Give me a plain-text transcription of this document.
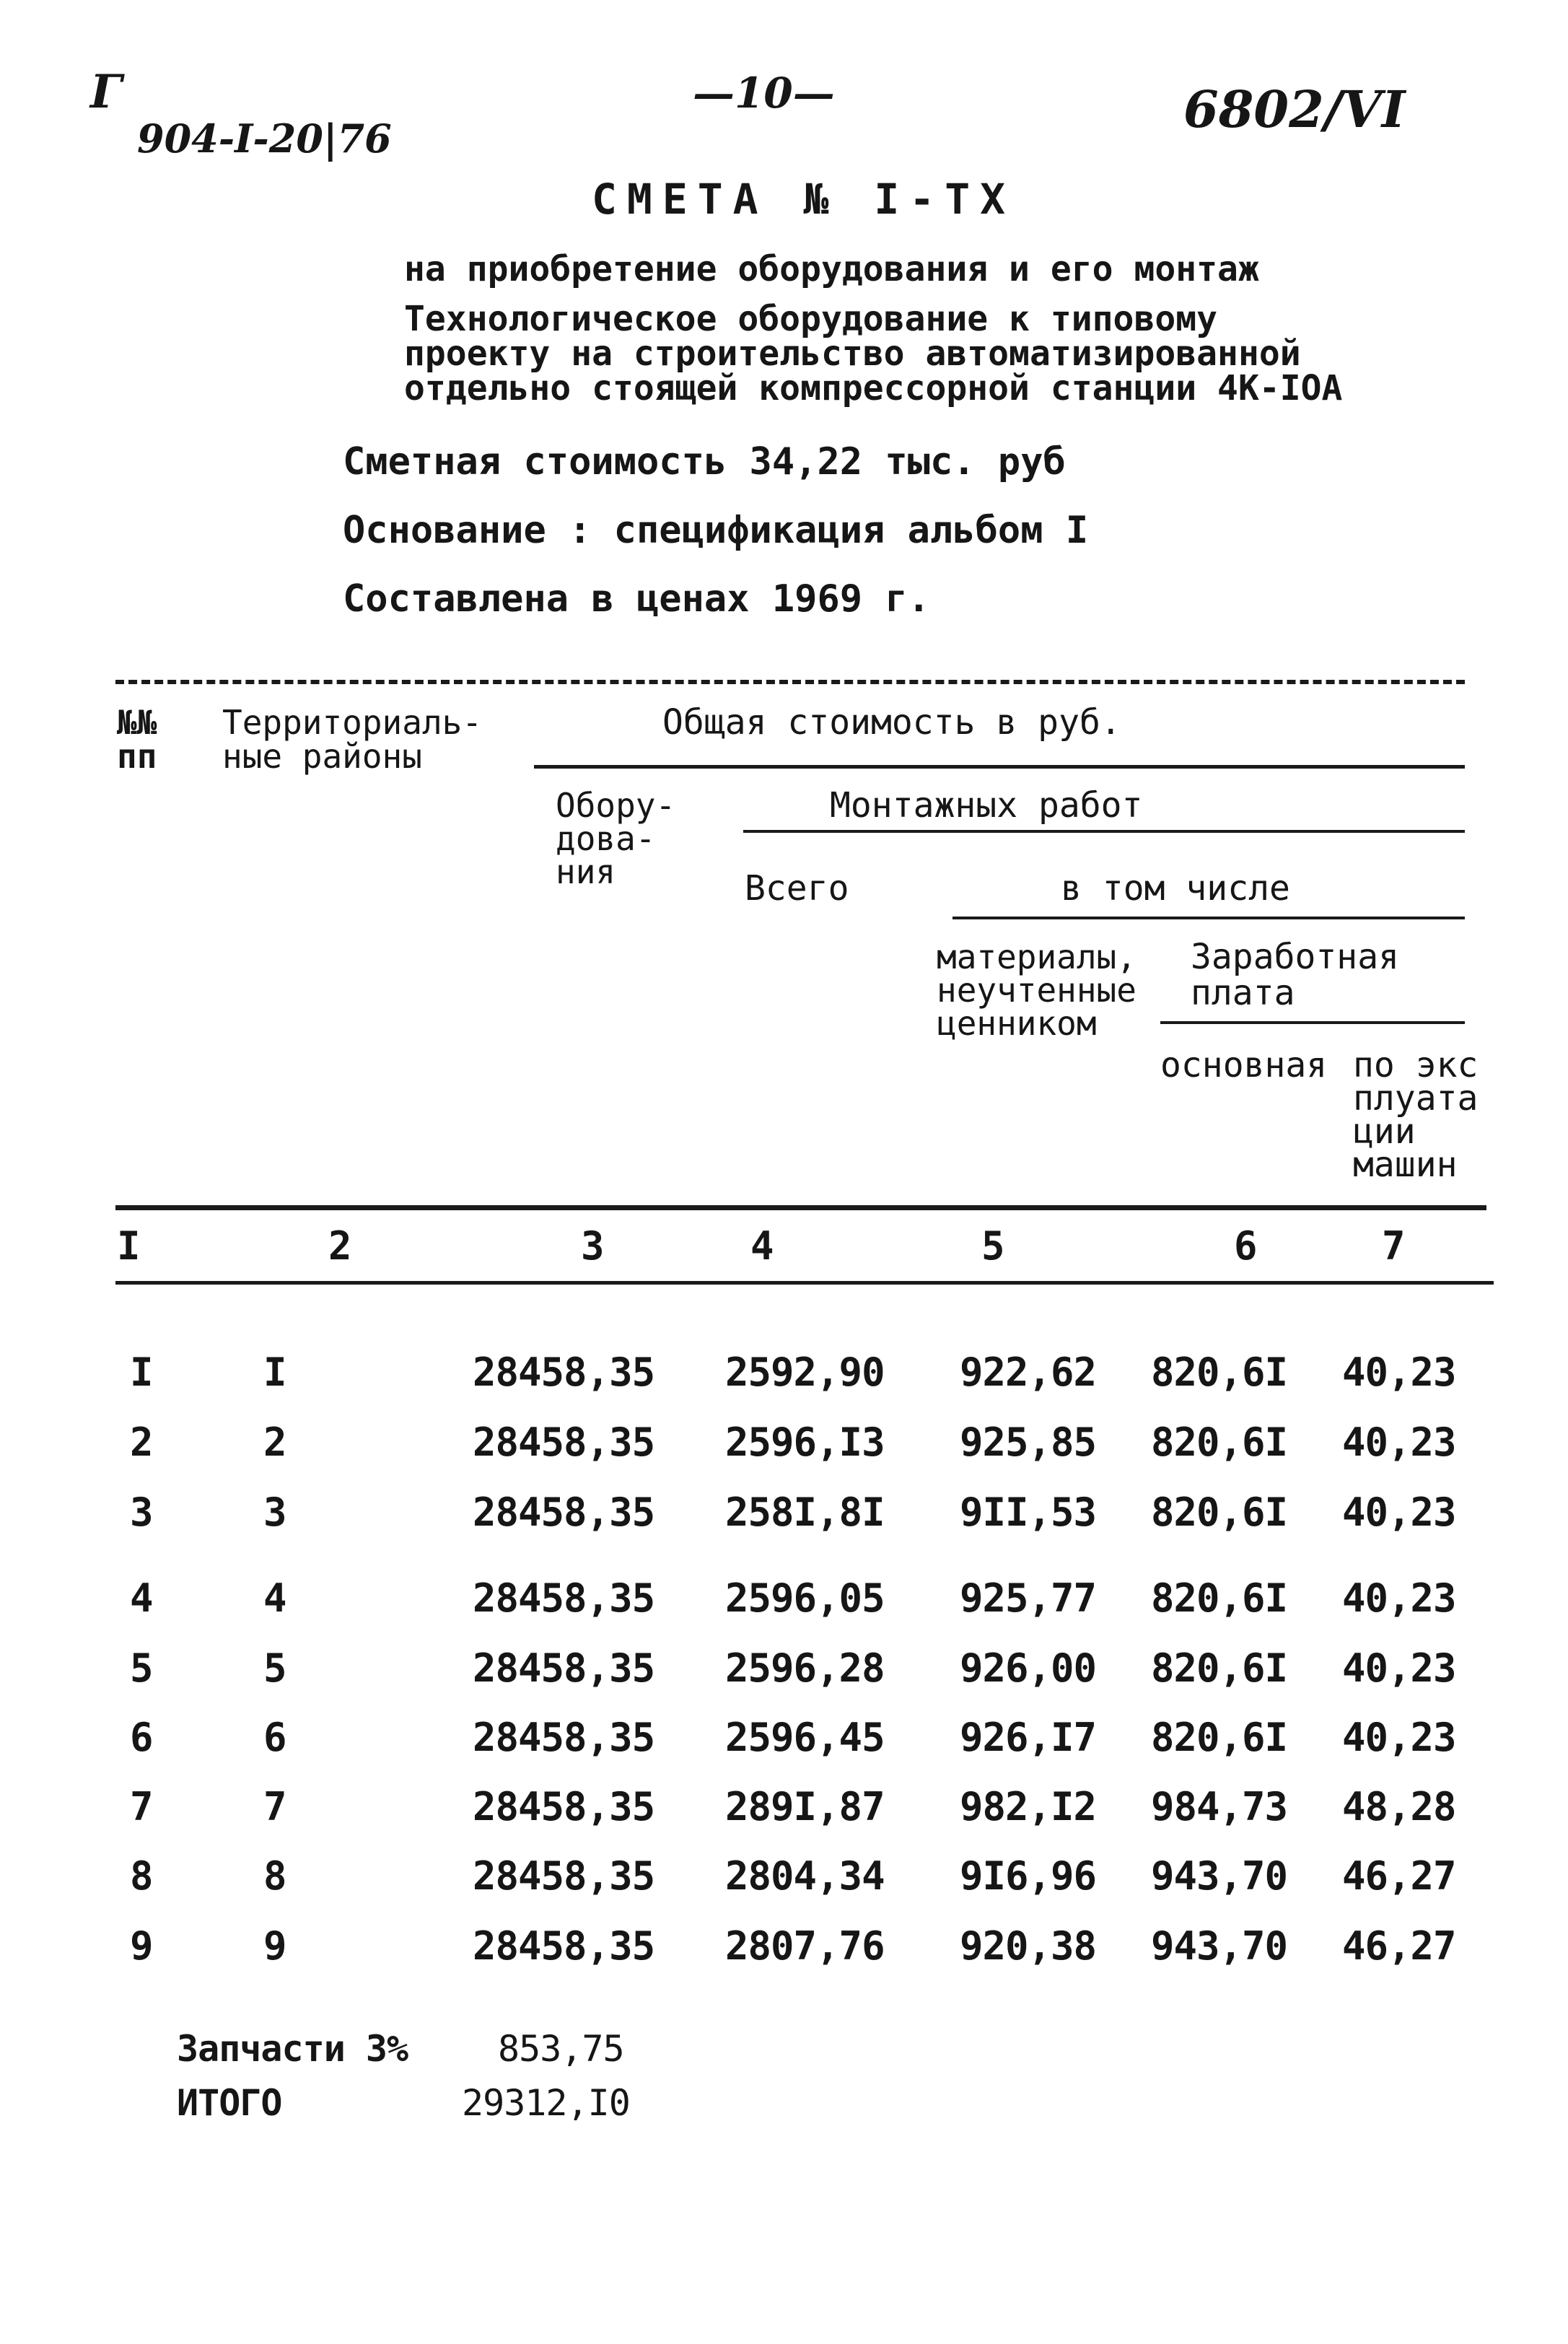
Г
904-I-20|76
—10—	6802/VI
СМЕТА № I-TX
на приобретение оборудования и его монтаж
Технологическое оборудование к типовому
проекту на строительство автоматизированной
отдельно стоящей компрессорной станции 4К-IОА
Сметная стоимость 34,22 тыс. руб
Основание : спецификация альбом I
Составлена в ценах 1969 г.
№№
пп
Территориаль-
ные районы
Общая стоимость в руб.
Обору-
дова-
ния
Монтажных работ
Всего	в том числе
материалы,
неучтенные
ценником
Заработная
плата
основная по экс
плуата
ции
машин
I	2	3	4	5	6	7
I	I	28458,35 2592,90 922,62 820,6I 40,23
2	2	28458,35 2596,I3 925,85 820,6I 40,23
3	3	28458,35 258I,8I 9II,53 820,6I 40,23
4	4	28458,35 2596,05 925,77 820,6I 40,23
5	5	28458,35 2596,28 926,00 820,6I 40,23
6	6	28458,35 2596,45 926,I7 820,6I 40,23
7	7	28458,35 289I,87 982,I2 984,73 48,28
8	8	28458,35 2804,34 9I6,96 943,70 46,27
9	9	28458,35 2807,76 920,38 943,70 46,27
Запчасти 3% 853,75
ИТОГО	29312,I0
